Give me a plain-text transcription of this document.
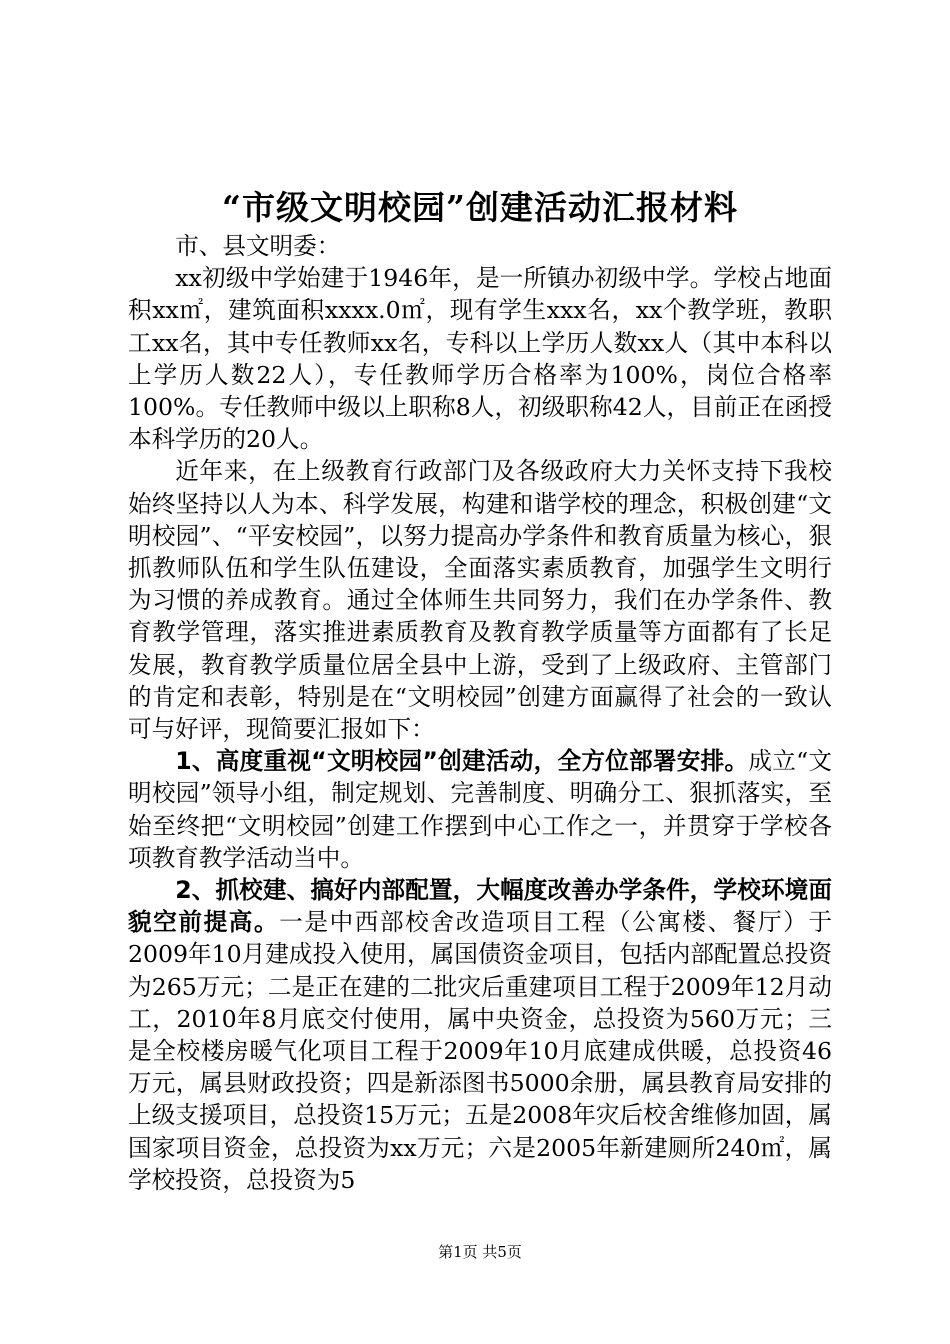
“市级文明校园”创建活动汇报材料

市、县文明委：

xx初级中学始建于1946年，是一所镇办初级中学。学校占地面积xx㎡，建筑面积xxxx.0㎡，现有学生xxx名，xx个教学班，教职工xx名，其中专任教师xx名，专科以上学历人数xx人（其中本科以上学历人数22人），专任教师学历合格率为100%，岗位合格率100%。专任教师中级以上职称8人，初级职称42人，目前正在函授本科学历的20人。

近年来，在上级教育行政部门及各级政府大力关怀支持下我校始终坚持以人为本、科学发展，构建和谐学校的理念，积极创建“文明校园”、“平安校园”，以努力提高办学条件和教育质量为核心，狠抓教师队伍和学生队伍建设，全面落实素质教育，加强学生文明行为习惯的养成教育。通过全体师生共同努力，我们在办学条件、教育教学管理，落实推进素质教育及教育教学质量等方面都有了长足发展，教育教学质量位居全县中上游，受到了上级政府、主管部门的肯定和表彰，特别是在“文明校园”创建方面赢得了社会的一致认可与好评，现简要汇报如下：

1、高度重视“文明校园”创建活动，全方位部署安排。成立“文明校园”领导小组，制定规划、完善制度、明确分工、狠抓落实，至始至终把“文明校园”创建工作摆到中心工作之一，并贯穿于学校各项教育教学活动当中。

2、抓校建、搞好内部配置，大幅度改善办学条件，学校环境面貌空前提高。一是中西部校舍改造项目工程（公寓楼、餐厅）于2009年10月建成投入使用，属国债资金项目，包括内部配置总投资为265万元；二是正在建的二批灾后重建项目工程于2009年12月动工，2010年8月底交付使用，属中央资金，总投资为560万元；三是全校楼房暖气化项目工程于2009年10月底建成供暖，总投资46万元，属县财政投资；四是新添图书5000余册，属县教育局安排的上级支援项目，总投资15万元；五是2008年灾后校舍维修加固，属国家项目资金，总投资为xx万元；六是2005年新建厕所240㎡，属学校投资，总投资为5

第1页 共5页
